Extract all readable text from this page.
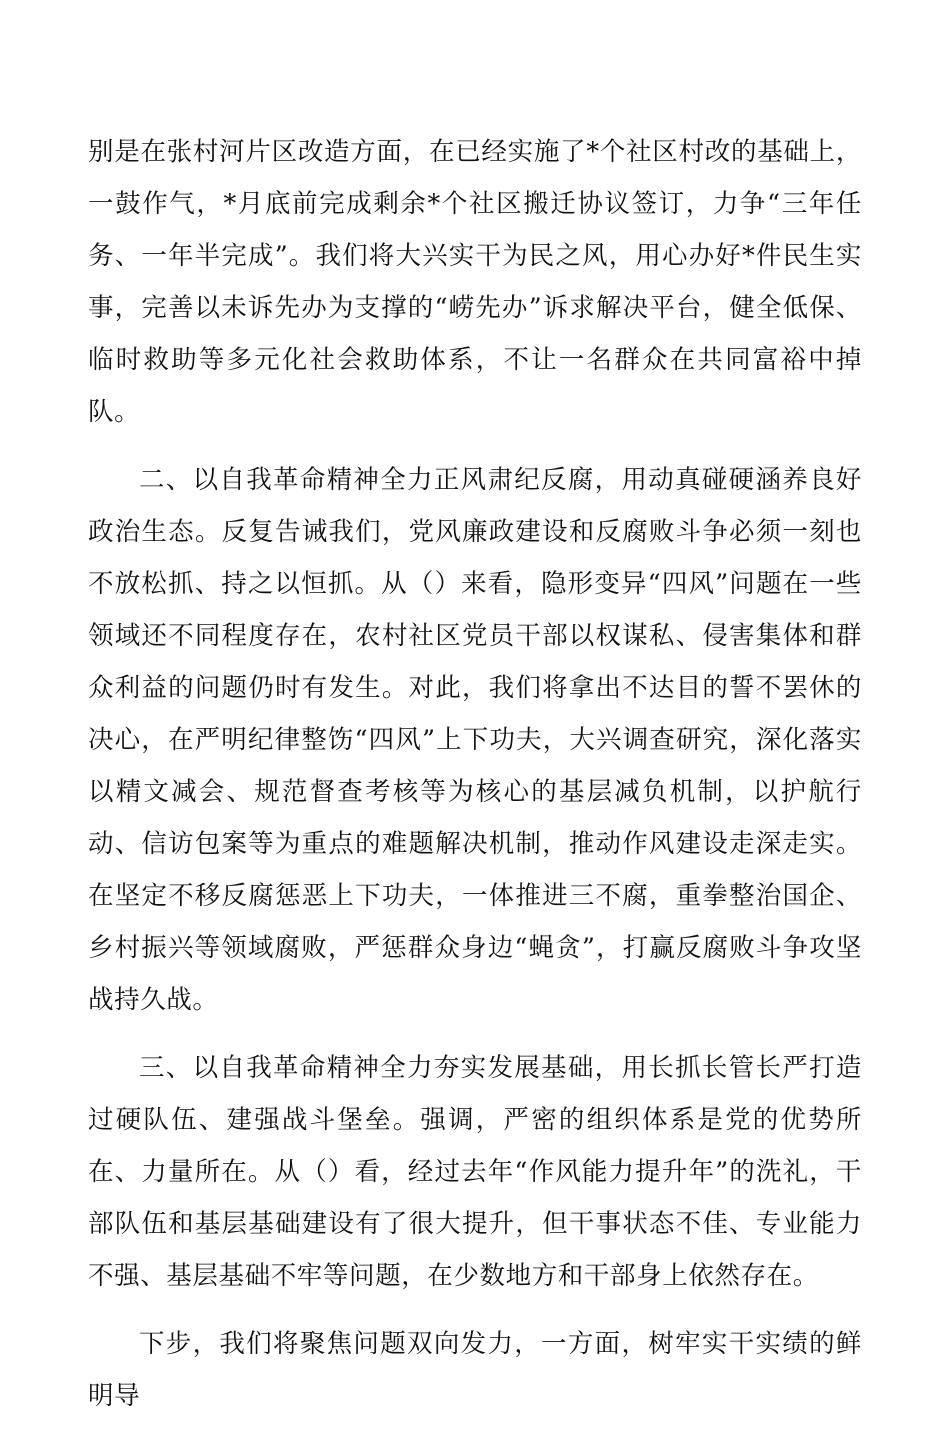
别是在张村河片区改造方面，在已经实施了*个社区村改的基础上，一鼓作气，*月底前完成剩余*个社区搬迁协议签订，力争“三年任务、一年半完成”。我们将大兴实干为民之风，用心办好*件民生实事，完善以未诉先办为支撑的“崂先办”诉求解决平台，健全低保、临时救助等多元化社会救助体系，不让一名群众在共同富裕中掉队。

二、以自我革命精神全力正风肃纪反腐，用动真碰硬涵养良好政治生态。反复告诫我们，党风廉政建设和反腐败斗争必须一刻也不放松抓、持之以恒抓。从（）来看，隐形变异“四风”问题在一些领域还不同程度存在，农村社区党员干部以权谋私、侵害集体和群众利益的问题仍时有发生。对此，我们将拿出不达目的誓不罢休的决心，在严明纪律整饬“四风”上下功夫，大兴调查研究，深化落实以精文减会、规范督查考核等为核心的基层减负机制，以护航行动、信访包案等为重点的难题解决机制，推动作风建设走深走实。在坚定不移反腐惩恶上下功夫，一体推进三不腐，重拳整治国企、乡村振兴等领域腐败，严惩群众身边“蝇贪”，打赢反腐败斗争攻坚战持久战。

三、以自我革命精神全力夯实发展基础，用长抓长管长严打造过硬队伍、建强战斗堡垒。强调，严密的组织体系是党的优势所在、力量所在。从（）看，经过去年“作风能力提升年”的洗礼，干部队伍和基层基础建设有了很大提升，但干事状态不佳、专业能力不强、基层基础不牢等问题，在少数地方和干部身上依然存在。

下步，我们将聚焦问题双向发力，一方面，树牢实干实绩的鲜明导
